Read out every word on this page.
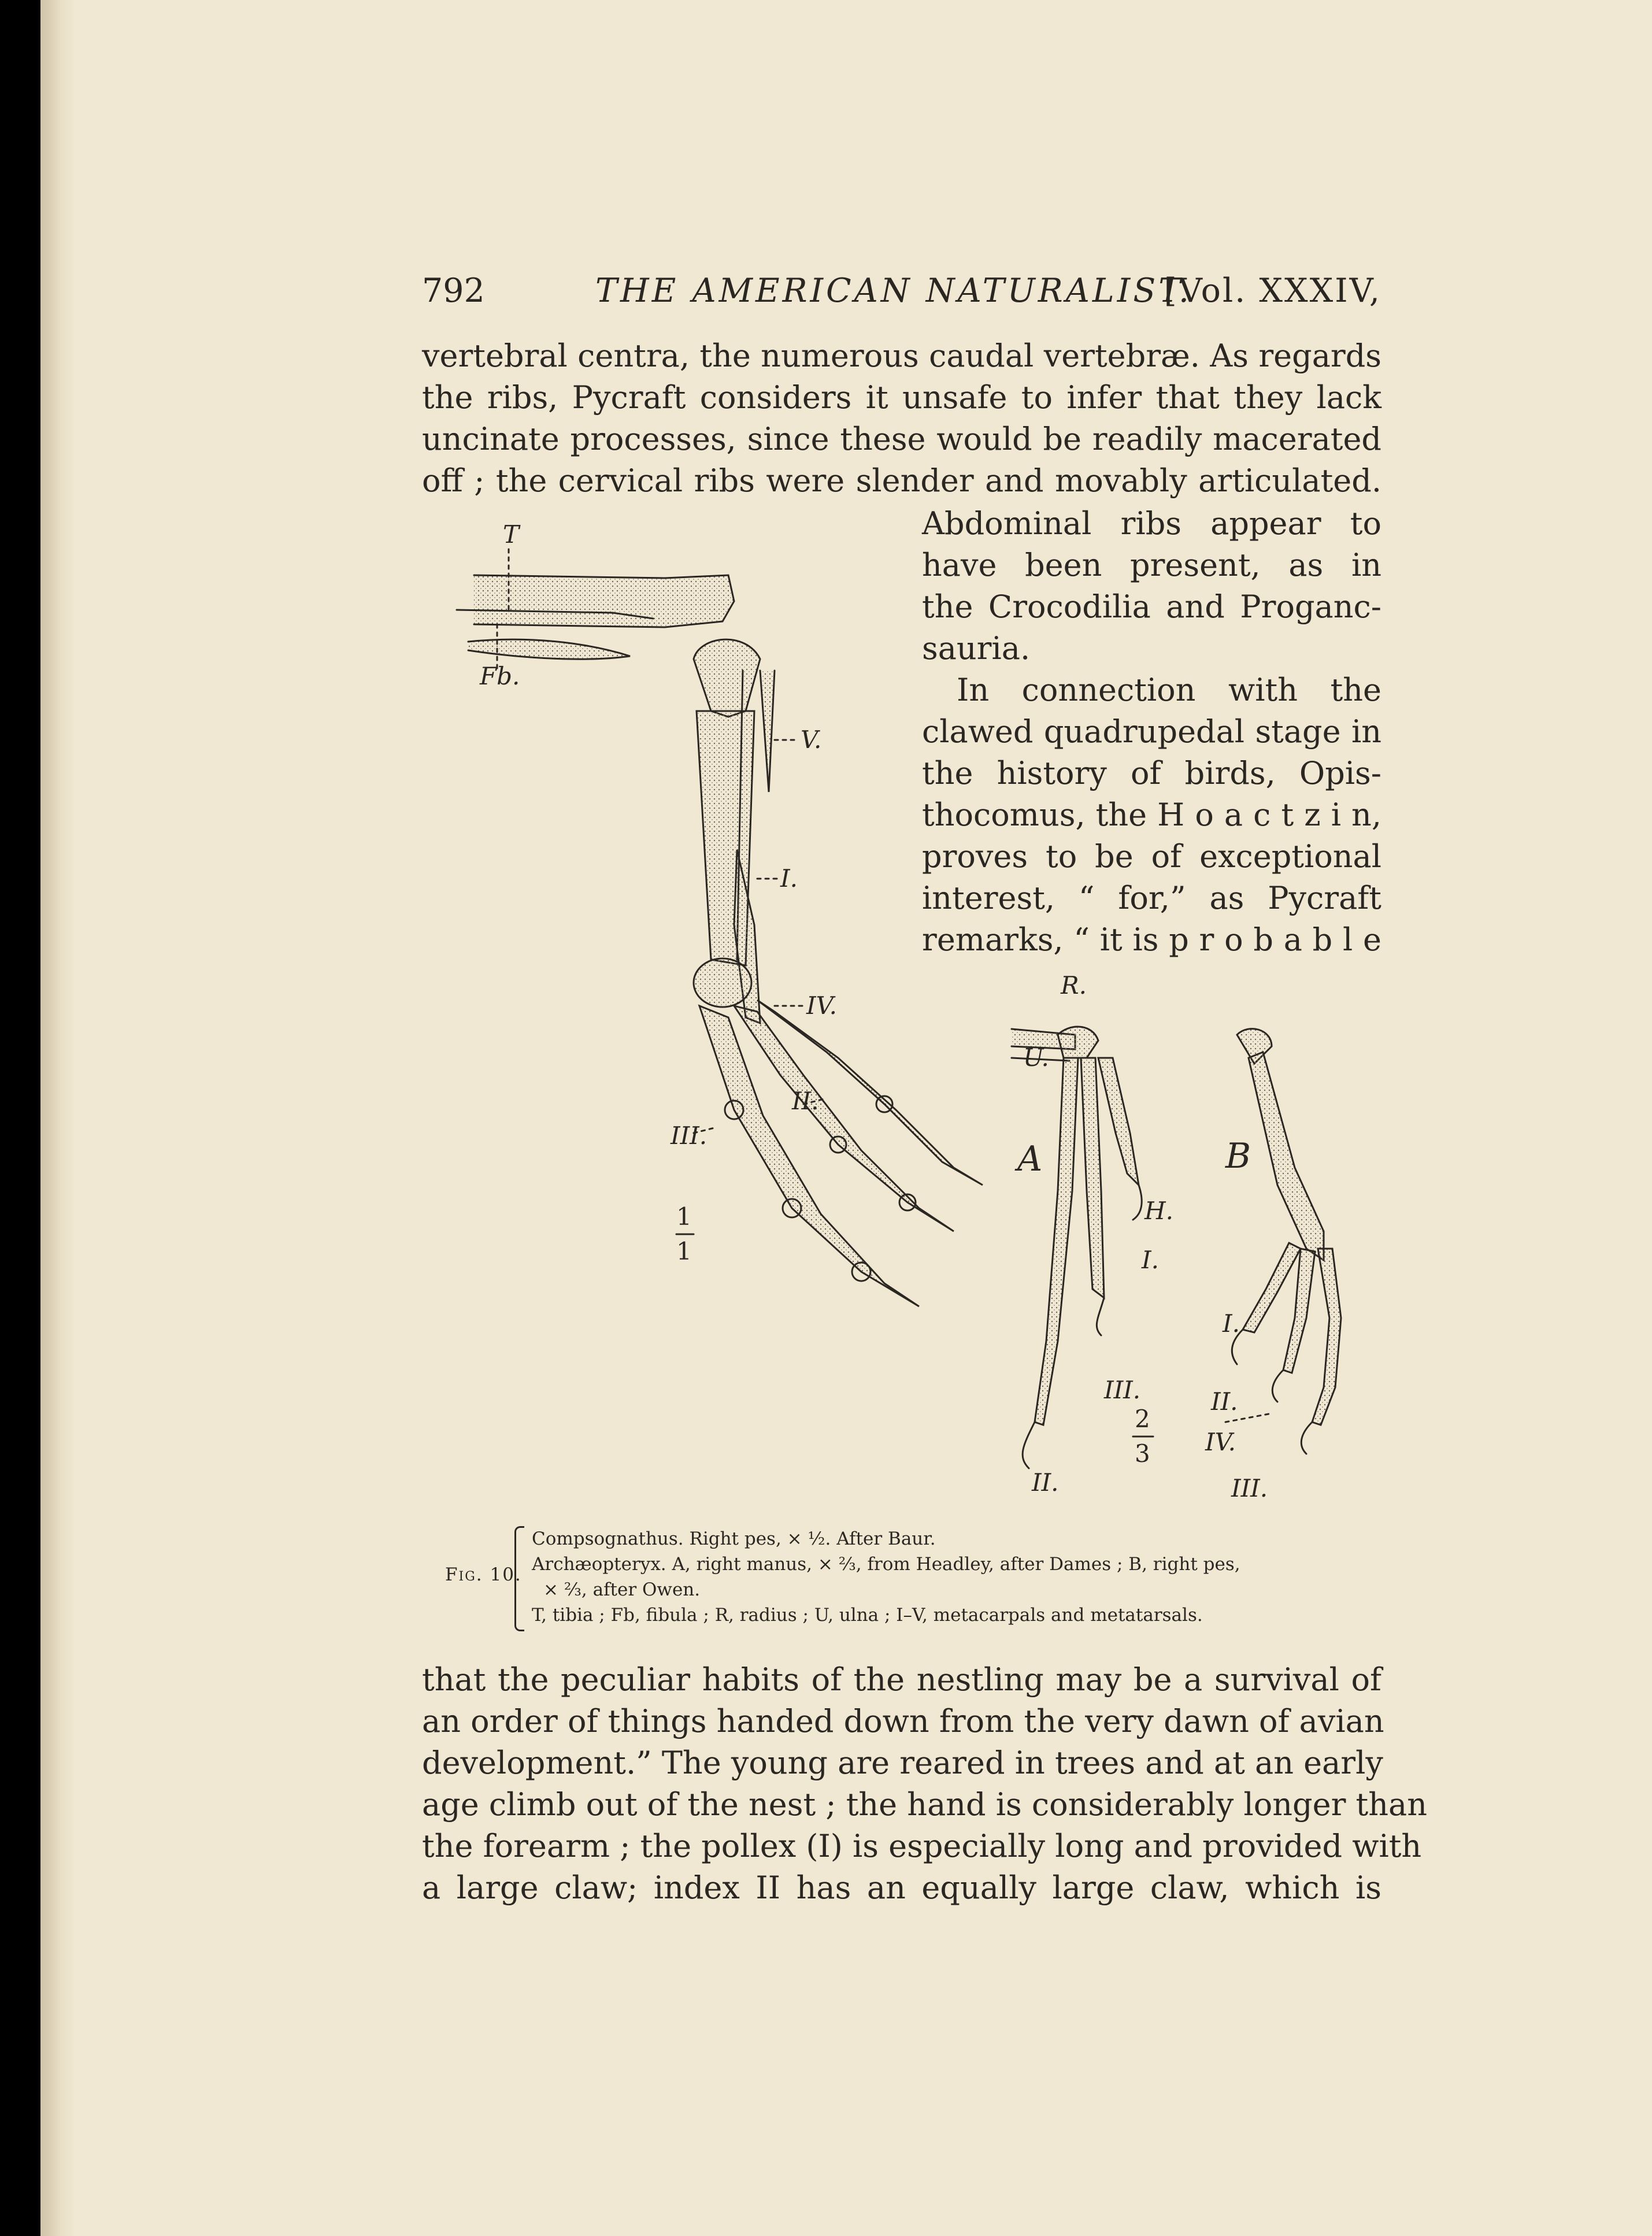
792	THE AMERICAN NATURALIST.
[Vol. XXXIV,
vertebral centra, the numerous caudal vertebræ. As regards
the ribs, Pycraft considers it unsafe to infer that they lack
uncinate processes, since these would be readily macerated
off ; the cervical ribs were slender and movably articulated.
Abdominal ribs appear to
have been present, as in
the Crocodilia and Proganc-
sauria.
In connection with the
clawed quadrupedal stage in
the history of birds, Opis-
thocomus, the H o a c t z i n,
proves to be of exceptional
interest, “ for,” as Pycraft
remarks, “ it is p r o b a b l e
T
Fb.
V.
I.
IV.
III.
II.
1
1
R.
U.
A
H.
I.
III.
II.
2
3
B
I.
II.
IV.
III.
Fig. 10.
Compsognathus. Right pes, × ½. After Baur.
Archæopteryx. A, right manus, × ⅔, from Headley, after Dames ; B, right pes,
× ⅔, after Owen.
T, tibia ; Fb, fibula ; R, radius ; U, ulna ; I–V, metacarpals and metatarsals.
that the peculiar habits of the nestling may be a survival of
an order of things handed down from the very dawn of avian
development.” The young are reared in trees and at an early
age climb out of the nest ; the hand is considerably longer than
the forearm ; the pollex (I) is especially long and provided with
a large claw; index II has an equally large claw, which is
